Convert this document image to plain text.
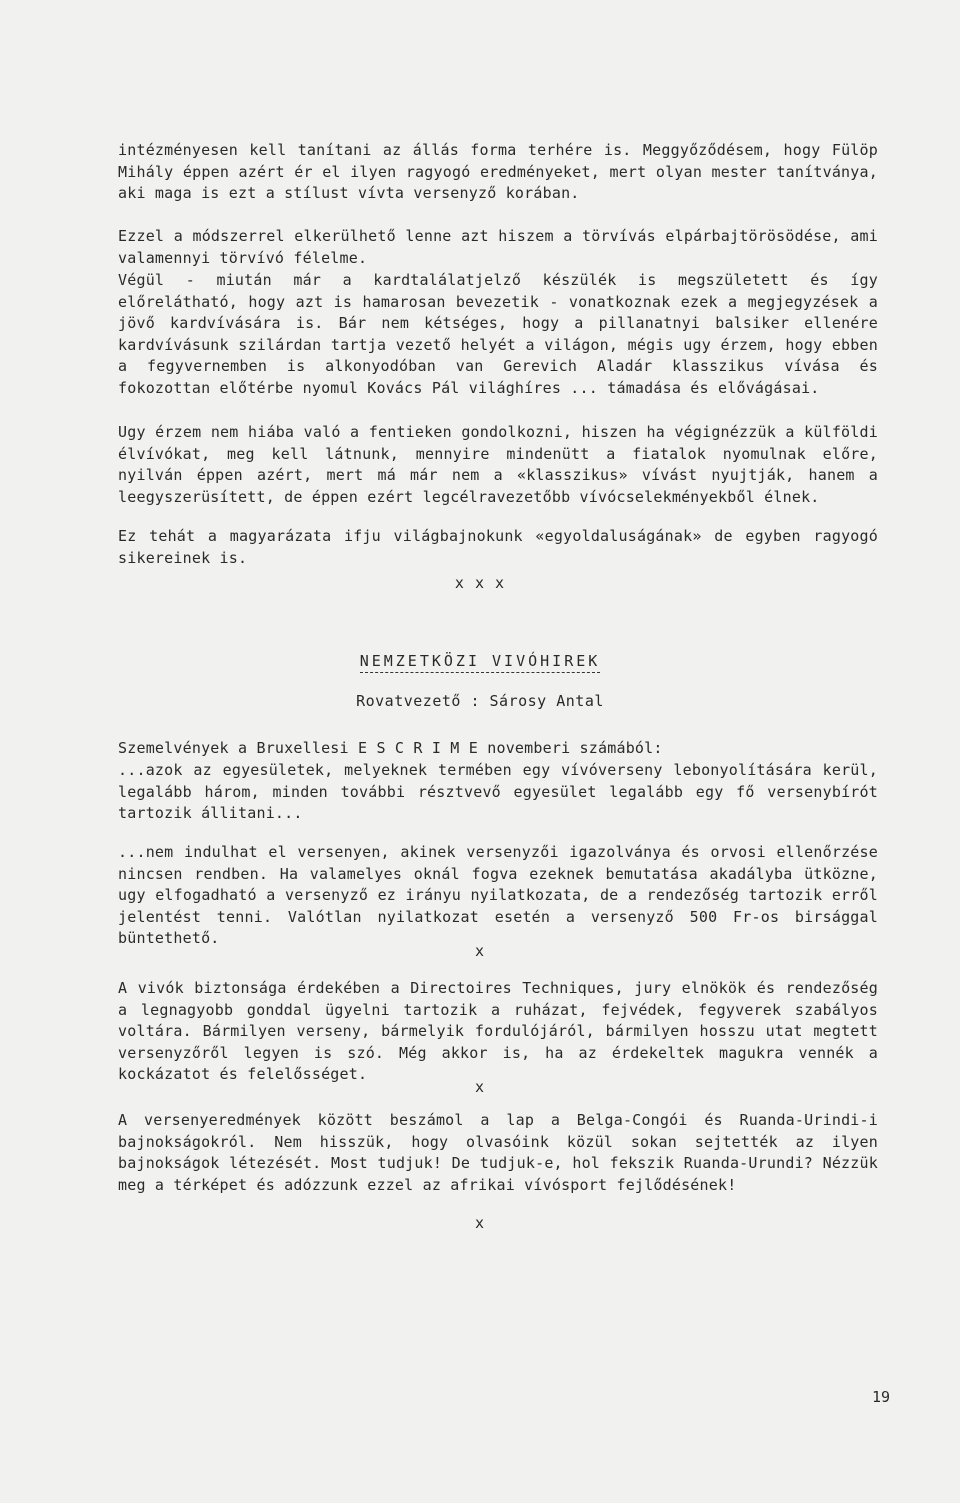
intézményesen kell tanítani az állás forma terhére is. Meggyőződésem, hogy Fülöp Mihály éppen azért ér el ilyen ragyogó eredményeket, mert olyan mester tanítványa, aki maga is ezt a stílust vívta versenyző korában.
Ezzel a módszerrel elkerülhető lenne azt hiszem a törvívás elpárbajtörösödése, ami valamennyi törvívó félelme.
Végül - miután már a kardtalálatjelző készülék is megszületett és így előrelátható, hogy azt is hamarosan bevezetik - vonatkoznak ezek a megjegyzések a jövő kardvívására is. Bár nem kétséges, hogy a pillanatnyi balsiker ellenére kardvívásunk szilárdan tartja vezető helyét a világon, mégis ugy érzem, hogy ebben a fegyvernemben is alkonyodóban van Gerevich Aladár klasszikus vívása és fokozottan előtérbe nyomul Kovács Pál világhíres ... támadása és elővágásai.
Ugy érzem nem hiába való a fentieken gondolkozni, hiszen ha végignézzük a külföldi élvívókat, meg kell látnunk, mennyire mindenütt a fiatalok nyomulnak előre, nyilván éppen azért, mert má már nem a «klasszikus» vívást nyujtják, hanem a leegyszerüsített, de éppen ezért legcélravezetőbb vívócselekményekből élnek.
Ez tehát a magyarázata ifju világbajnokunk «egyoldaluságának» de egyben ragyogó sikereinek is.
x x x
NEMZETKÖZI VIVÓHIREK
Rovatvezető : Sárosy Antal
Szemelvények a Bruxellesi E S C R I M E novemberi számából:
...azok az egyesületek, melyeknek termében egy vívóverseny lebonyolítására kerül, legalább három, minden további résztvevő egyesület legalább egy fő versenybírót tartozik állitani...
...nem indulhat el versenyen, akinek versenyzői igazolványa és orvosi ellenőrzése nincsen rendben. Ha valamelyes oknál fogva ezeknek bemutatása akadályba ütközne, ugy elfogadható a versenyző ez irányu nyilatkozata, de a rendezőség tartozik erről jelentést tenni. Valótlan nyilatkozat esetén a versenyző 500 Fr-os birsággal büntethető.
x
A vivók biztonsága érdekében a Directoires Techniques, jury elnökök és rendezőség a legnagyobb gonddal ügyelni tartozik a ruházat, fejvédek, fegyverek szabályos voltára. Bármilyen verseny, bármelyik fordulójáról, bármilyen hosszu utat megtett versenyzőről legyen is szó. Még akkor is, ha az érdekeltek magukra vennék a kockázatot és felelősséget.
x
A versenyeredmények között beszámol a lap a Belga-Congói és Ruanda-Urindi-i bajnokságokról. Nem hisszük, hogy olvasóink közül sokan sejtették az ilyen bajnokságok létezését. Most tudjuk! De tudjuk-e, hol fekszik Ruanda-Urundi? Nézzük meg a térképet és adózzunk ezzel az afrikai vívósport fejlődésének!
x
19
